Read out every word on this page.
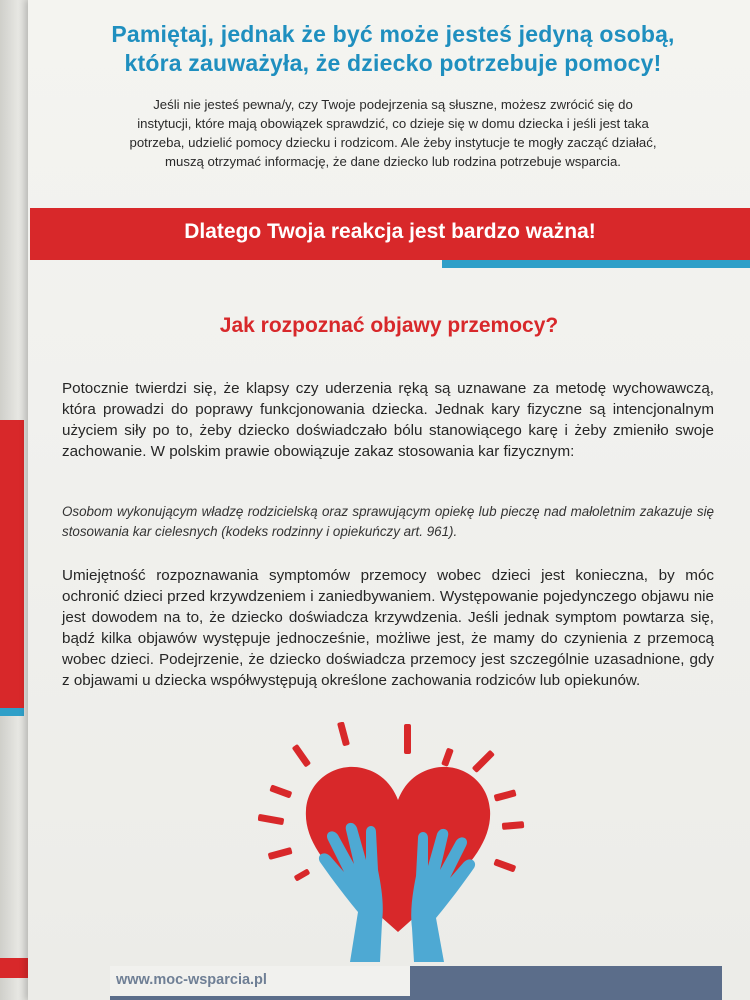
Pamiętaj, jednak że być może jesteś jedyną osobą,
która zauważyła, że dziecko potrzebuje pomocy!
Jeśli nie jesteś pewna/y, czy Twoje podejrzenia są słuszne, możesz zwrócić się do
instytucji, które mają obowiązek sprawdzić, co dzieje się w domu dziecka i jeśli jest taka
potrzeba, udzielić pomocy dziecku i rodzicom. Ale żeby instytucje te mogły zacząć działać,
muszą otrzymać informację, że dane dziecko lub rodzina potrzebuje wsparcia.
Dlatego Twoja reakcja jest bardzo ważna!
Jak rozpoznać objawy przemocy?
Potocznie twierdzi się, że klapsy czy uderzenia ręką są uznawane za metodę wychowawczą, która prowadzi do poprawy funkcjonowania dziecka. Jednak kary fizyczne są intencjonalnym użyciem siły po to, żeby dziecko doświadczało bólu stanowiącego karę i żeby zmieniło swoje zachowanie. W polskim prawie obowiązuje zakaz stosowania kar fizycznym:
Osobom wykonującym władzę rodzicielską oraz sprawującym opiekę lub pieczę nad małoletnim zakazuje się stosowania kar cielesnych (kodeks rodzinny i opiekuńczy art. 961).
Umiejętność rozpoznawania symptomów przemocy wobec dzieci jest konieczna, by móc ochronić dzieci przed krzywdzeniem i zaniedbywaniem. Występowanie pojedynczego objawu nie jest dowodem na to, że dziecko doświadcza krzywdzenia. Jeśli jednak symptom powtarza się, bądź kilka objawów występuje jednocześnie, możliwe jest, że mamy do czynienia z przemocą wobec dzieci. Podejrzenie, że dziecko doświadcza przemocy jest szczególnie uzasadnione, gdy z objawami u dziecka współwystępują określone zachowania rodziców lub opiekunów.
www.moc-wsparcia.pl
